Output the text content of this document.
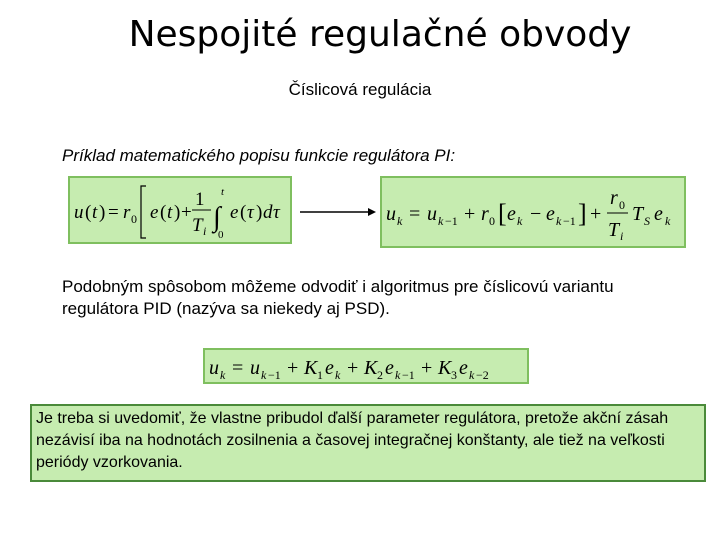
Nespojité regulačné obvody
Číslicová regulácia
Príklad matematického popisu funkcie regulátora PI:
u ( t ) = r 0 e ( t ) +
1
T i ∫
t
0
e ( τ ) d τ	u k = u k −1 + r 0 [ e k − e k −1 ] +
r 0
T i
T S e k
Podobným spôsobom môžeme odvodiť i algoritmus pre číslicovú variantu regulátora PID (nazýva sa niekedy aj PSD).
u k = u k −1 + K 1 e k + K 2 e k −1 + K 3 e k −2
Je treba si uvedomiť, že vlastne pribudol ďalší parameter regulátora, pretože akční zásah nezávisí iba na hodnotách zosilnenia a časovej integračnej konštanty, ale tiež na veľkosti periódy vzorkovania.
